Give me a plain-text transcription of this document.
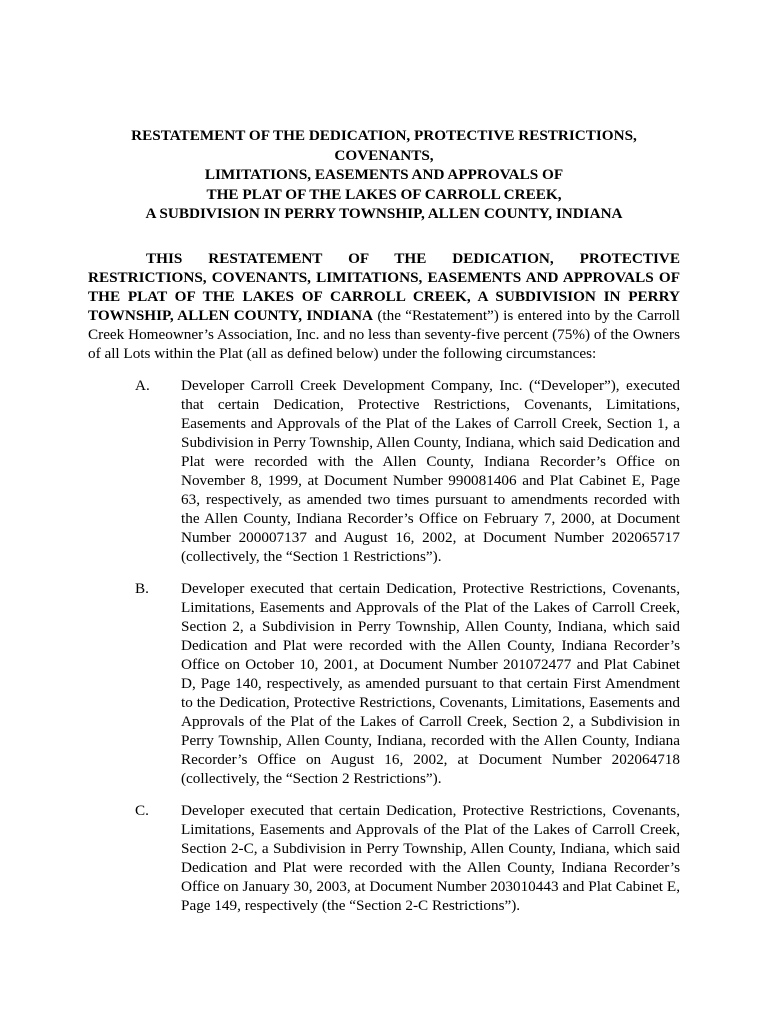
RESTATEMENT OF THE DEDICATION, PROTECTIVE RESTRICTIONS,
COVENANTS,
LIMITATIONS, EASEMENTS AND APPROVALS OF
THE PLAT OF THE LAKES OF CARROLL CREEK,
A SUBDIVISION IN PERRY TOWNSHIP, ALLEN COUNTY, INDIANA

THIS RESTATEMENT OF THE DEDICATION, PROTECTIVE RESTRICTIONS, COVENANTS, LIMITATIONS, EASEMENTS AND APPROVALS OF THE PLAT OF THE LAKES OF CARROLL CREEK, A SUBDIVISION IN PERRY TOWNSHIP, ALLEN COUNTY, INDIANA (the “Restatement”) is entered into by the Carroll Creek Homeowner’s Association, Inc. and no less than seventy-five percent (75%) of the Owners of all Lots within the Plat (all as defined below) under the following circumstances:

A. Developer Carroll Creek Development Company, Inc. (“Developer”), executed that certain Dedication, Protective Restrictions, Covenants, Limitations, Easements and Approvals of the Plat of the Lakes of Carroll Creek, Section 1, a Subdivision in Perry Township, Allen County, Indiana, which said Dedication and Plat were recorded with the Allen County, Indiana Recorder’s Office on November 8, 1999, at Document Number 990081406 and Plat Cabinet E, Page 63, respectively, as amended two times pursuant to amendments recorded with the Allen County, Indiana Recorder’s Office on February 7, 2000, at Document Number 200007137 and August 16, 2002, at Document Number 202065717 (collectively, the “Section 1 Restrictions”).
B. Developer executed that certain Dedication, Protective Restrictions, Covenants, Limitations, Easements and Approvals of the Plat of the Lakes of Carroll Creek, Section 2, a Subdivision in Perry Township, Allen County, Indiana, which said Dedication and Plat were recorded with the Allen County, Indiana Recorder’s Office on October 10, 2001, at Document Number 201072477 and Plat Cabinet D, Page 140, respectively, as amended pursuant to that certain First Amendment to the Dedication, Protective Restrictions, Covenants, Limitations, Easements and Approvals of the Plat of the Lakes of Carroll Creek, Section 2, a Subdivision in Perry Township, Allen County, Indiana, recorded with the Allen County, Indiana Recorder’s Office on August 16, 2002, at Document Number 202064718 (collectively, the “Section 2 Restrictions”).
C. Developer executed that certain Dedication, Protective Restrictions, Covenants, Limitations, Easements and Approvals of the Plat of the Lakes of Carroll Creek, Section 2-C, a Subdivision in Perry Township, Allen County, Indiana, which said Dedication and Plat were recorded with the Allen County, Indiana Recorder’s Office on January 30, 2003, at Document Number 203010443 and Plat Cabinet E, Page 149, respectively (the “Section 2-C Restrictions”).
